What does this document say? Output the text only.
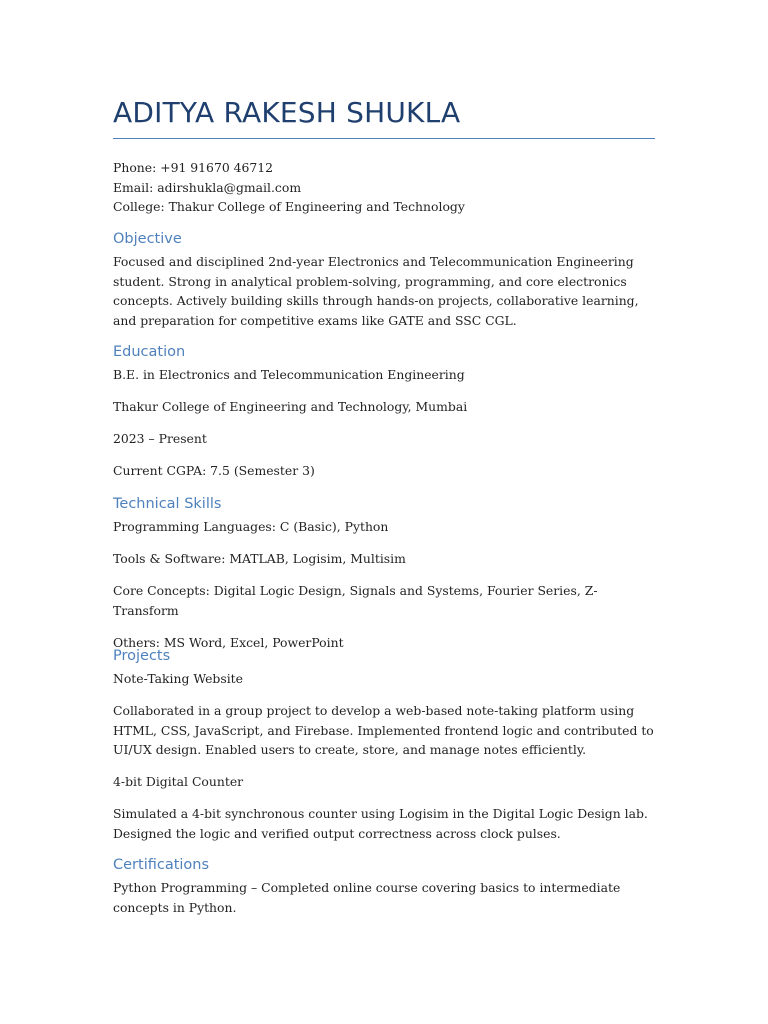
ADITYA RAKESH SHUKLA

Phone: +91 91670 46712

Email: adirshukla@gmail.com

College: Thakur College of Engineering and Technology

Objective

Focused and disciplined 2nd-year Electronics and Telecommunication Engineering student. Strong in analytical problem-solving, programming, and core electronics concepts. Actively building skills through hands-on projects, collaborative learning, and preparation for competitive exams like GATE and SSC CGL.

Education

B.E. in Electronics and Telecommunication Engineering

Thakur College of Engineering and Technology, Mumbai

2023 – Present

Current CGPA: 7.5 (Semester 3)

Technical Skills

Programming Languages: C (Basic), Python

Tools & Software: MATLAB, Logisim, Multisim

Core Concepts: Digital Logic Design, Signals and Systems, Fourier Series, Z-Transform

Others: MS Word, Excel, PowerPoint

Projects

Note-Taking Website

Collaborated in a group project to develop a web-based note-taking platform using HTML, CSS, JavaScript, and Firebase. Implemented frontend logic and contributed to UI/UX design. Enabled users to create, store, and manage notes efficiently.

4-bit Digital Counter

Simulated a 4-bit synchronous counter using Logisim in the Digital Logic Design lab. Designed the logic and verified output correctness across clock pulses.

Certifications

Python Programming – Completed online course covering basics to intermediate concepts in Python.
